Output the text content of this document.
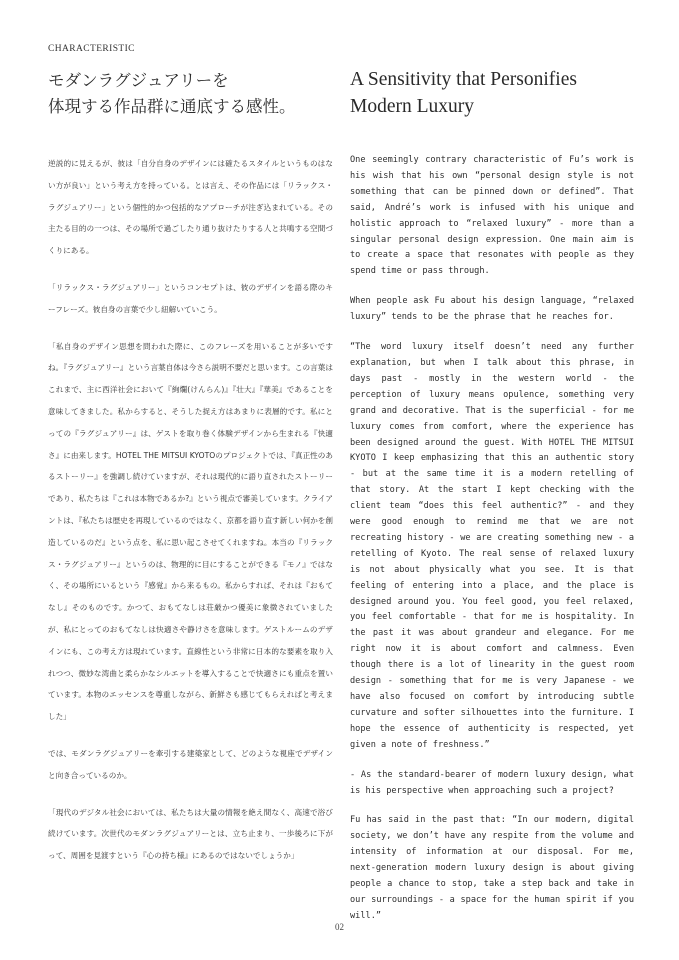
CHARACTERISTIC
モダンラグジュアリーを
体現する作品群に通底する感性。
A Sensitivity that Personifies
Modern Luxury

逆説的に見えるが、彼は「自分自身のデザインには確たるスタイルというものはない方が良い」という考え方を持っている。とは言え、その作品には「リラックス・ラグジュアリー」という個性的かつ包括的なアプローチが注ぎ込まれている。その主たる目的の一つは、その場所で過ごしたり通り抜けたりする人と共鳴する空間づくりにある。

「リラックス・ラグジュアリー」というコンセプトは、彼のデザインを語る際のキーフレーズ。彼自身の言葉で少し紐解いていこう。

「私自身のデザイン思想を問われた際に、このフレーズを用いることが多いですね。『ラグジュアリー』という言葉自体は今さら説明不要だと思います。この言葉はこれまで、主に西洋社会において『絢爛(けんらん)』『壮大』『華美』であることを意味してきました。私からすると、そうした捉え方はあまりに表層的です。私にとっての『ラグジュアリー』は、ゲストを取り巻く体験デザインから生まれる『快適さ』に由来します。HOTEL THE MITSUI KYOTOのプロジェクトでは、『真正性のあるストーリー』を強調し続けていますが、それは現代的に語り直されたストーリーであり、私たちは『これは本物であるか?』という視点で審美しています。クライアントは、『私たちは歴史を再現しているのではなく、京都を語り直す新しい何かを創造しているのだ』という点を、私に思い起こさせてくれますね。本当の『リラックス・ラグジュアリー』というのは、物理的に目にすることができる『モノ』ではなく、その場所にいるという『感覚』から来るもの。私からすれば、それは『おもてなし』そのものです。かつて、おもてなしは荘厳かつ優美に象徴されていましたが、私にとってのおもてなしは快適さや静けさを意味します。ゲストルームのデザインにも、この考え方は現れています。直線性という非常に日本的な要素を取り入れつつ、微妙な湾曲と柔らかなシルエットを導入することで快適さにも重点を置いています。本物のエッセンスを尊重しながら、新鮮さも感じてもらえればと考えました」

では、モダンラグジュアリーを牽引する建築家として、どのような視座でデザインと向き合っているのか。

「現代のデジタル社会においては、私たちは大量の情報を絶え間なく、高速で浴び続けています。次世代のモダンラグジュアリーとは、立ち止まり、一歩後ろに下がって、周囲を見渡すという『心の持ち様』にあるのではないでしょうか」

One seemingly contrary characteristic of Fu’s work is his wish that his own “personal design style is not something that can be pinned down or defined”. That said, André’s work is infused with his unique and holistic approach to “relaxed luxury” - more than a singular personal design expression. One main aim is to create a space that resonates with people as they spend time or pass through.

When people ask Fu about his design language, “relaxed luxury” tends to be the phrase that he reaches for.

“The word luxury itself doesn’t need any further explanation, but when I talk about this phrase, in days past - mostly in the western world - the perception of luxury means opulence, something very grand and decorative. That is the superficial - for me luxury comes from comfort, where the experience has been designed around the guest. With HOTEL THE MITSUI KYOTO I keep emphasizing that this an authentic story - but at the same time it is a modern retelling of that story. At the start I kept checking with the client team “does this feel authentic?” - and they were good enough to remind me that we are not recreating history - we are creating something new - a retelling of Kyoto. The real sense of relaxed luxury is not about physically what you see. It is that feeling of entering into a place, and the place is designed around you. You feel good, you feel relaxed, you feel comfortable - that for me is hospitality. In the past it was about grandeur and elegance. For me right now it is about comfort and calmness. Even though there is a lot of linearity in the guest room design - something that for me is very Japanese - we have also focused on comfort by introducing subtle curvature and softer silhouettes into the furniture. I hope the essence of authenticity is respected, yet given a note of freshness.”

- As the standard-bearer of modern luxury design, what is his perspective when approaching such a project?

Fu has said in the past that: “In our modern, digital society, we don’t have any respite from the volume and intensity of information at our disposal. For me, next-generation modern luxury design is about giving people a chance to stop, take a step back and take in our surroundings - a space for the human spirit if you will.”

02
